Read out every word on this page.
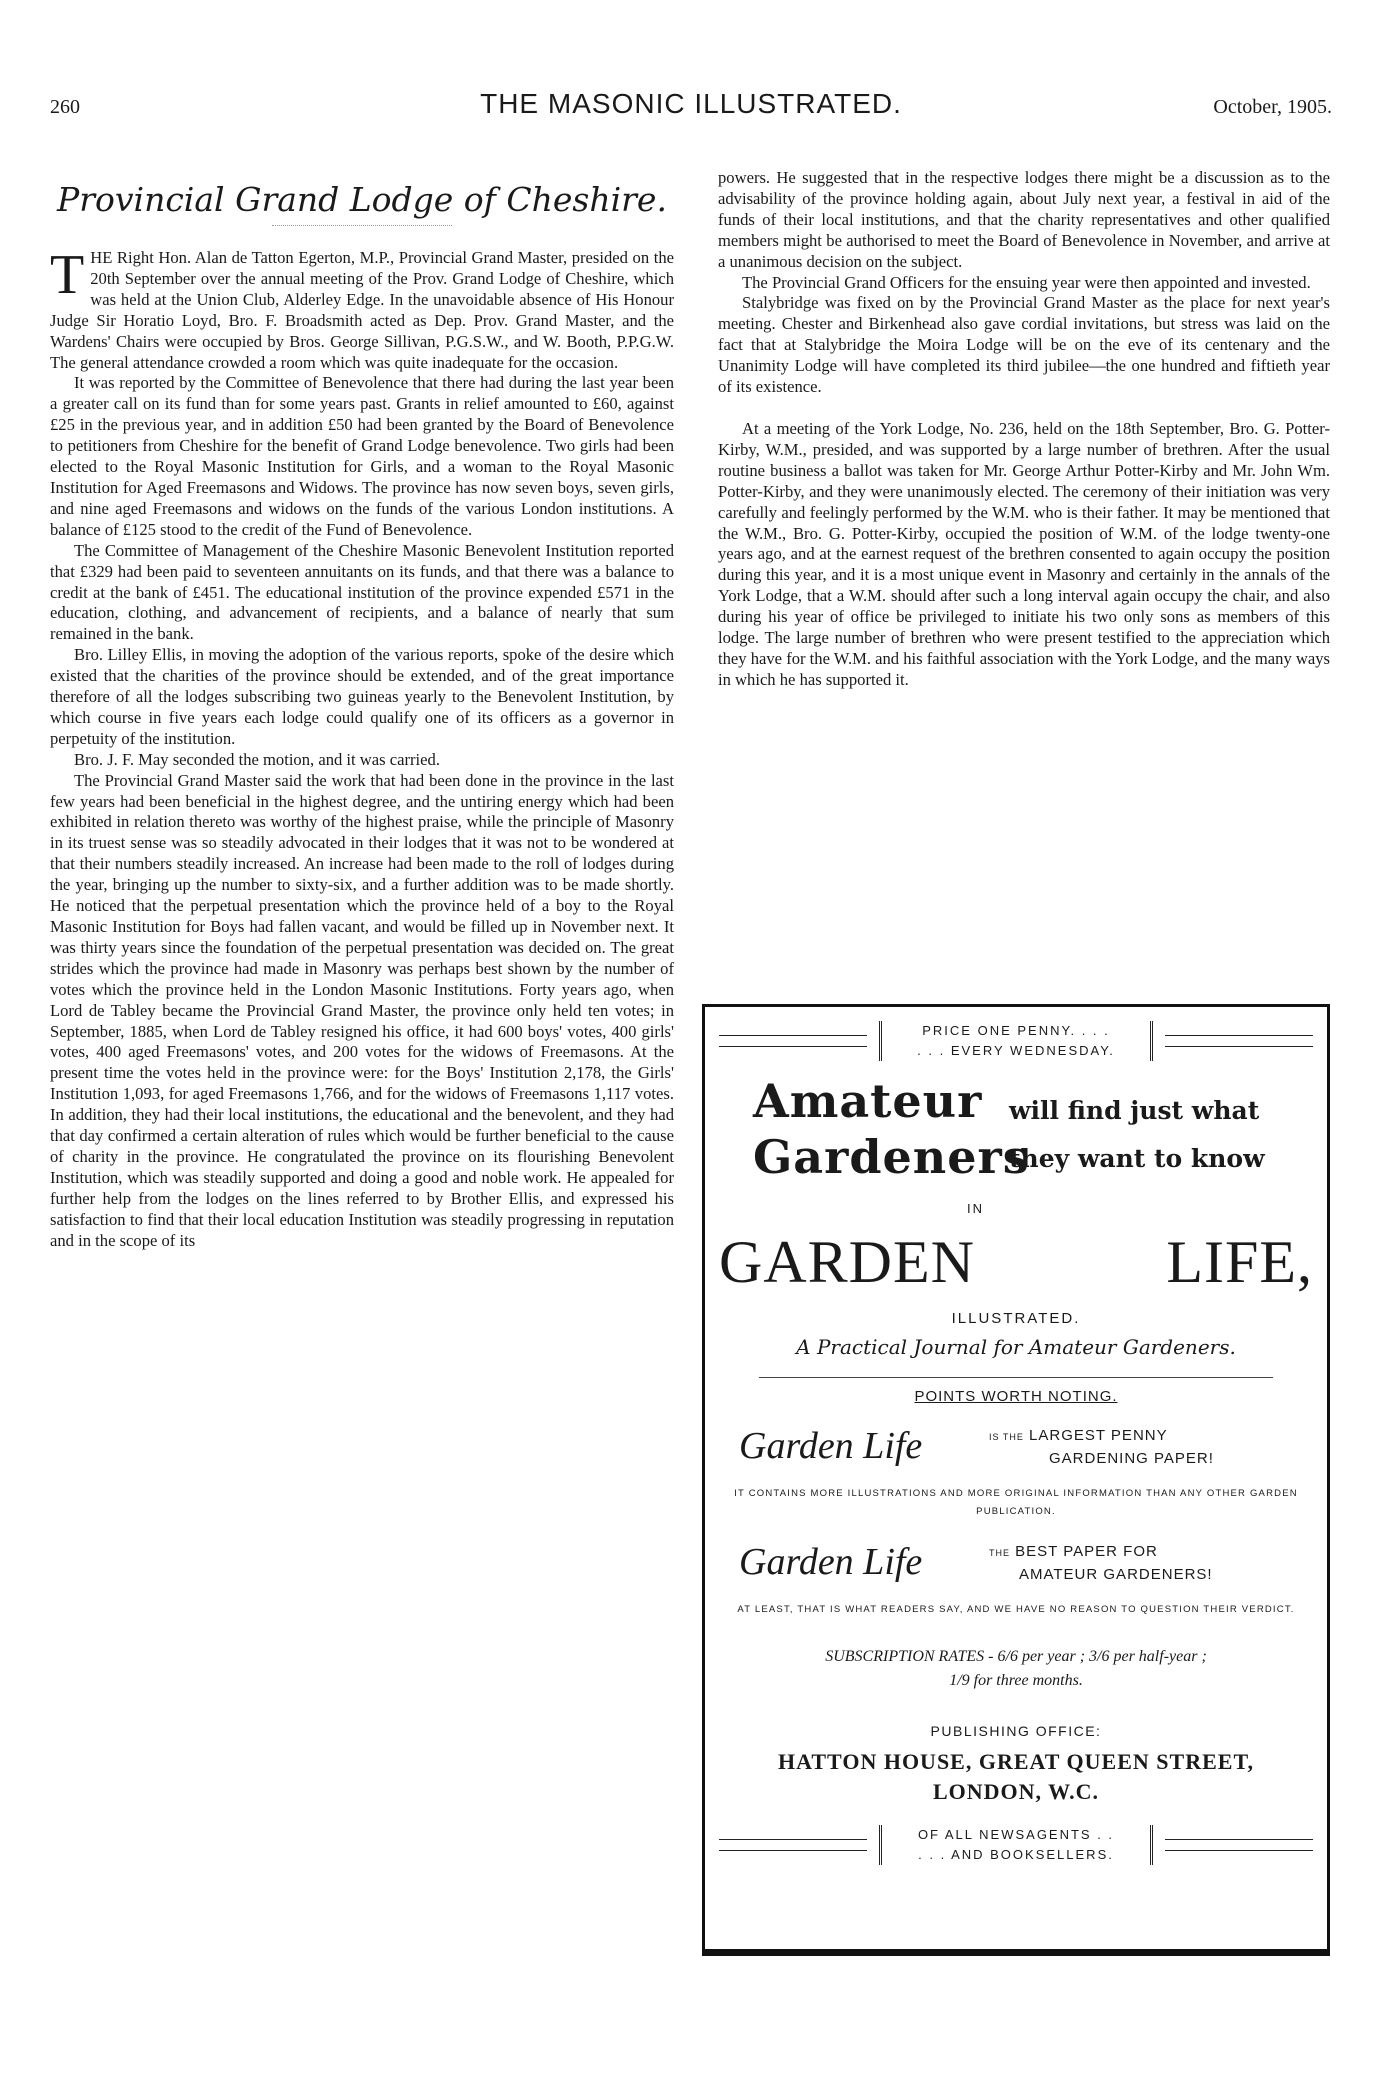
260	THE MASONIC ILLUSTRATED.	October, 1905.
Provincial Grand Lodge of Cheshire.

THE Right Hon. Alan de Tatton Egerton, M.P., Provincial Grand Master, presided on the 20th September over the annual meeting of the Prov. Grand Lodge of Cheshire, which was held at the Union Club, Alderley Edge. In the unavoidable absence of His Honour Judge Sir Horatio Loyd, Bro. F. Broadsmith acted as Dep. Prov. Grand Master, and the Wardens' Chairs were occupied by Bros. George Sillivan, P.G.S.W., and W. Booth, P.P.G.W. The general attendance crowded a room which was quite inadequate for the occasion.

It was reported by the Committee of Benevolence that there had during the last year been a greater call on its fund than for some years past. Grants in relief amounted to £60, against £25 in the previous year, and in addition £50 had been granted by the Board of Benevolence to petitioners from Cheshire for the benefit of Grand Lodge benevolence. Two girls had been elected to the Royal Masonic Institution for Girls, and a woman to the Royal Masonic Institution for Aged Freemasons and Widows. The province has now seven boys, seven girls, and nine aged Freemasons and widows on the funds of the various London institutions. A balance of £125 stood to the credit of the Fund of Benevolence.

The Committee of Management of the Cheshire Masonic Benevolent Institution reported that £329 had been paid to seventeen annuitants on its funds, and that there was a balance to credit at the bank of £451. The educational institution of the province expended £571 in the education, clothing, and advancement of recipients, and a balance of nearly that sum remained in the bank.

Bro. Lilley Ellis, in moving the adoption of the various reports, spoke of the desire which existed that the charities of the province should be extended, and of the great importance therefore of all the lodges subscribing two guineas yearly to the Benevolent Institution, by which course in five years each lodge could qualify one of its officers as a governor in perpetuity of the institution.

Bro. J. F. May seconded the motion, and it was carried.

The Provincial Grand Master said the work that had been done in the province in the last few years had been beneficial in the highest degree, and the untiring energy which had been exhibited in relation thereto was worthy of the highest praise, while the principle of Masonry in its truest sense was so steadily advocated in their lodges that it was not to be wondered at that their numbers steadily increased. An increase had been made to the roll of lodges during the year, bringing up the number to sixty-six, and a further addition was to be made shortly. He noticed that the perpetual presentation which the province held of a boy to the Royal Masonic Institution for Boys had fallen vacant, and would be filled up in November next. It was thirty years since the foundation of the perpetual presentation was decided on. The great strides which the province had made in Masonry was perhaps best shown by the number of votes which the province held in the London Masonic Institutions. Forty years ago, when Lord de Tabley became the Provincial Grand Master, the province only held ten votes; in September, 1885, when Lord de Tabley resigned his office, it had 600 boys' votes, 400 girls' votes, 400 aged Freemasons' votes, and 200 votes for the widows of Freemasons. At the present time the votes held in the province were: for the Boys' Institution 2,178, the Girls' Institution 1,093, for aged Freemasons 1,766, and for the widows of Freemasons 1,117 votes. In addition, they had their local institutions, the educational and the benevolent, and they had that day confirmed a certain alteration of rules which would be further beneficial to the cause of charity in the province. He congratulated the province on its flourishing Benevolent Institution, which was steadily supported and doing a good and noble work. He appealed for further help from the lodges on the lines referred to by Brother Ellis, and expressed his satisfaction to find that their local education Institution was steadily progressing in reputation and in the scope of its

powers. He suggested that in the respective lodges there might be a discussion as to the advisability of the province holding again, about July next year, a festival in aid of the funds of their local institutions, and that the charity representatives and other qualified members might be authorised to meet the Board of Benevolence in November, and arrive at a unanimous decision on the subject.

The Provincial Grand Officers for the ensuing year were then appointed and invested.

Stalybridge was fixed on by the Provincial Grand Master as the place for next year's meeting. Chester and Birkenhead also gave cordial invitations, but stress was laid on the fact that at Stalybridge the Moira Lodge will be on the eve of its centenary and the Unanimity Lodge will have completed its third jubilee—the one hundred and fiftieth year of its existence.

At a meeting of the York Lodge, No. 236, held on the 18th September, Bro. G. Potter-Kirby, W.M., presided, and was supported by a large number of brethren. After the usual routine business a ballot was taken for Mr. George Arthur Potter-Kirby and Mr. John Wm. Potter-Kirby, and they were unanimously elected. The ceremony of their initiation was very carefully and feelingly performed by the W.M. who is their father. It may be mentioned that the W.M., Bro. G. Potter-Kirby, occupied the position of W.M. of the lodge twenty-one years ago, and at the earnest request of the brethren consented to again occupy the position during this year, and it is a most unique event in Masonry and certainly in the annals of the York Lodge, that a W.M. should after such a long interval again occupy the chair, and also during his year of office be privileged to initiate his two only sons as members of this lodge. The large number of brethren who were present testified to the appreciation which they have for the W.M. and his faithful association with the York Lodge, and the many ways in which he has supported it.

PRICE ONE PENNY. . . .
. . . EVERY WEDNESDAY.
Amateur
Gardeners
will find just what
they want to know
IN
GARDEN	LIFE,
ILLUSTRATED.
A Practical Journal for Amateur Gardeners.
POINTS WORTH NOTING.
Garden Life	IS THE LARGEST PENNY
GARDENING PAPER!
IT CONTAINS MORE ILLUSTRATIONS AND MORE ORIGINAL INFORMATION THAN ANY OTHER GARDEN PUBLICATION.
Garden Life	THE BEST PAPER FOR
AMATEUR GARDENERS!
AT LEAST, THAT IS WHAT READERS SAY, AND WE HAVE NO REASON TO QUESTION THEIR VERDICT.
SUBSCRIPTION RATES - 6/6 per year ; 3/6 per half-year ;
1/9 for three months.
PUBLISHING OFFICE:
HATTON HOUSE, GREAT QUEEN STREET,
LONDON, W.C.
OF ALL NEWSAGENTS . .
. . . AND BOOKSELLERS.
